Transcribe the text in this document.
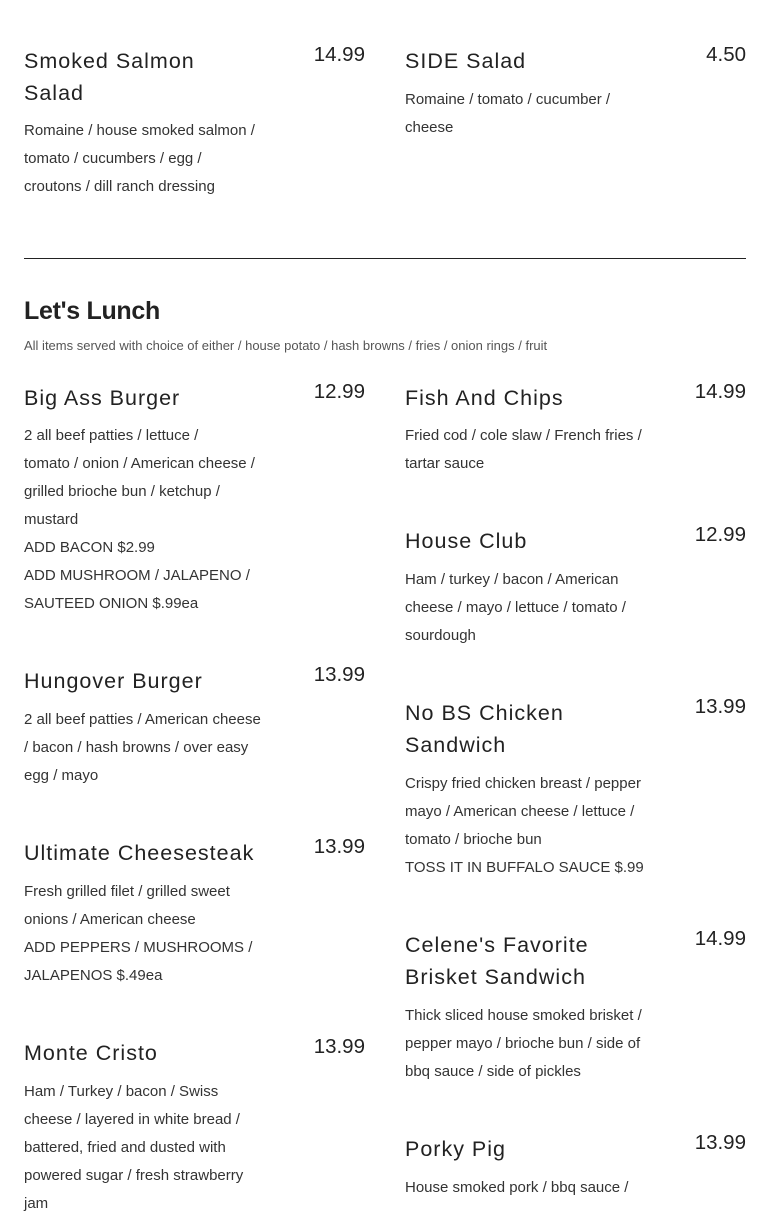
Smoked Salmon Salad
14.99

Romaine / house smoked salmon /
tomato / cucumbers / egg /
croutons / dill ranch dressing

SIDE Salad	4.50

Romaine / tomato / cucumber /
cheese

Let's Lunch
All items served with choice of either / house potato / hash browns / fries / onion rings / fruit
Big Ass Burger	12.99

2 all beef patties / lettuce /
tomato / onion / American cheese /
grilled brioche bun / ketchup /
mustard
ADD BACON $2.99
ADD MUSHROOM / JALAPENO /
SAUTEED ONION $.99ea

Hungover Burger	13.99

2 all beef patties / American cheese
/ bacon / hash browns / over easy
egg / mayo

Ultimate Cheesesteak	13.99

Fresh grilled filet / grilled sweet
onions / American cheese
ADD PEPPERS / MUSHROOMS /
JALAPENOS $.49ea

Monte Cristo	13.99

Ham / Turkey / bacon / Swiss
cheese / layered in white bread /
battered, fried and dusted with
powered sugar / fresh strawberry
jam

Fish And Chips	14.99

Fried cod / cole slaw / French fries /
tartar sauce

House Club	12.99

Ham / turkey / bacon / American
cheese / mayo / lettuce / tomato /
sourdough

No BS Chicken Sandwich
13.99

Crispy fried chicken breast / pepper
mayo / American cheese / lettuce /
tomato / brioche bun
TOSS IT IN BUFFALO SAUCE $.99

Celene's Favorite Brisket Sandwich
14.99

Thick sliced house smoked brisket /
pepper mayo / brioche bun / side of
bbq sauce / side of pickles

Porky Pig	13.99

House smoked pork / bbq sauce /
